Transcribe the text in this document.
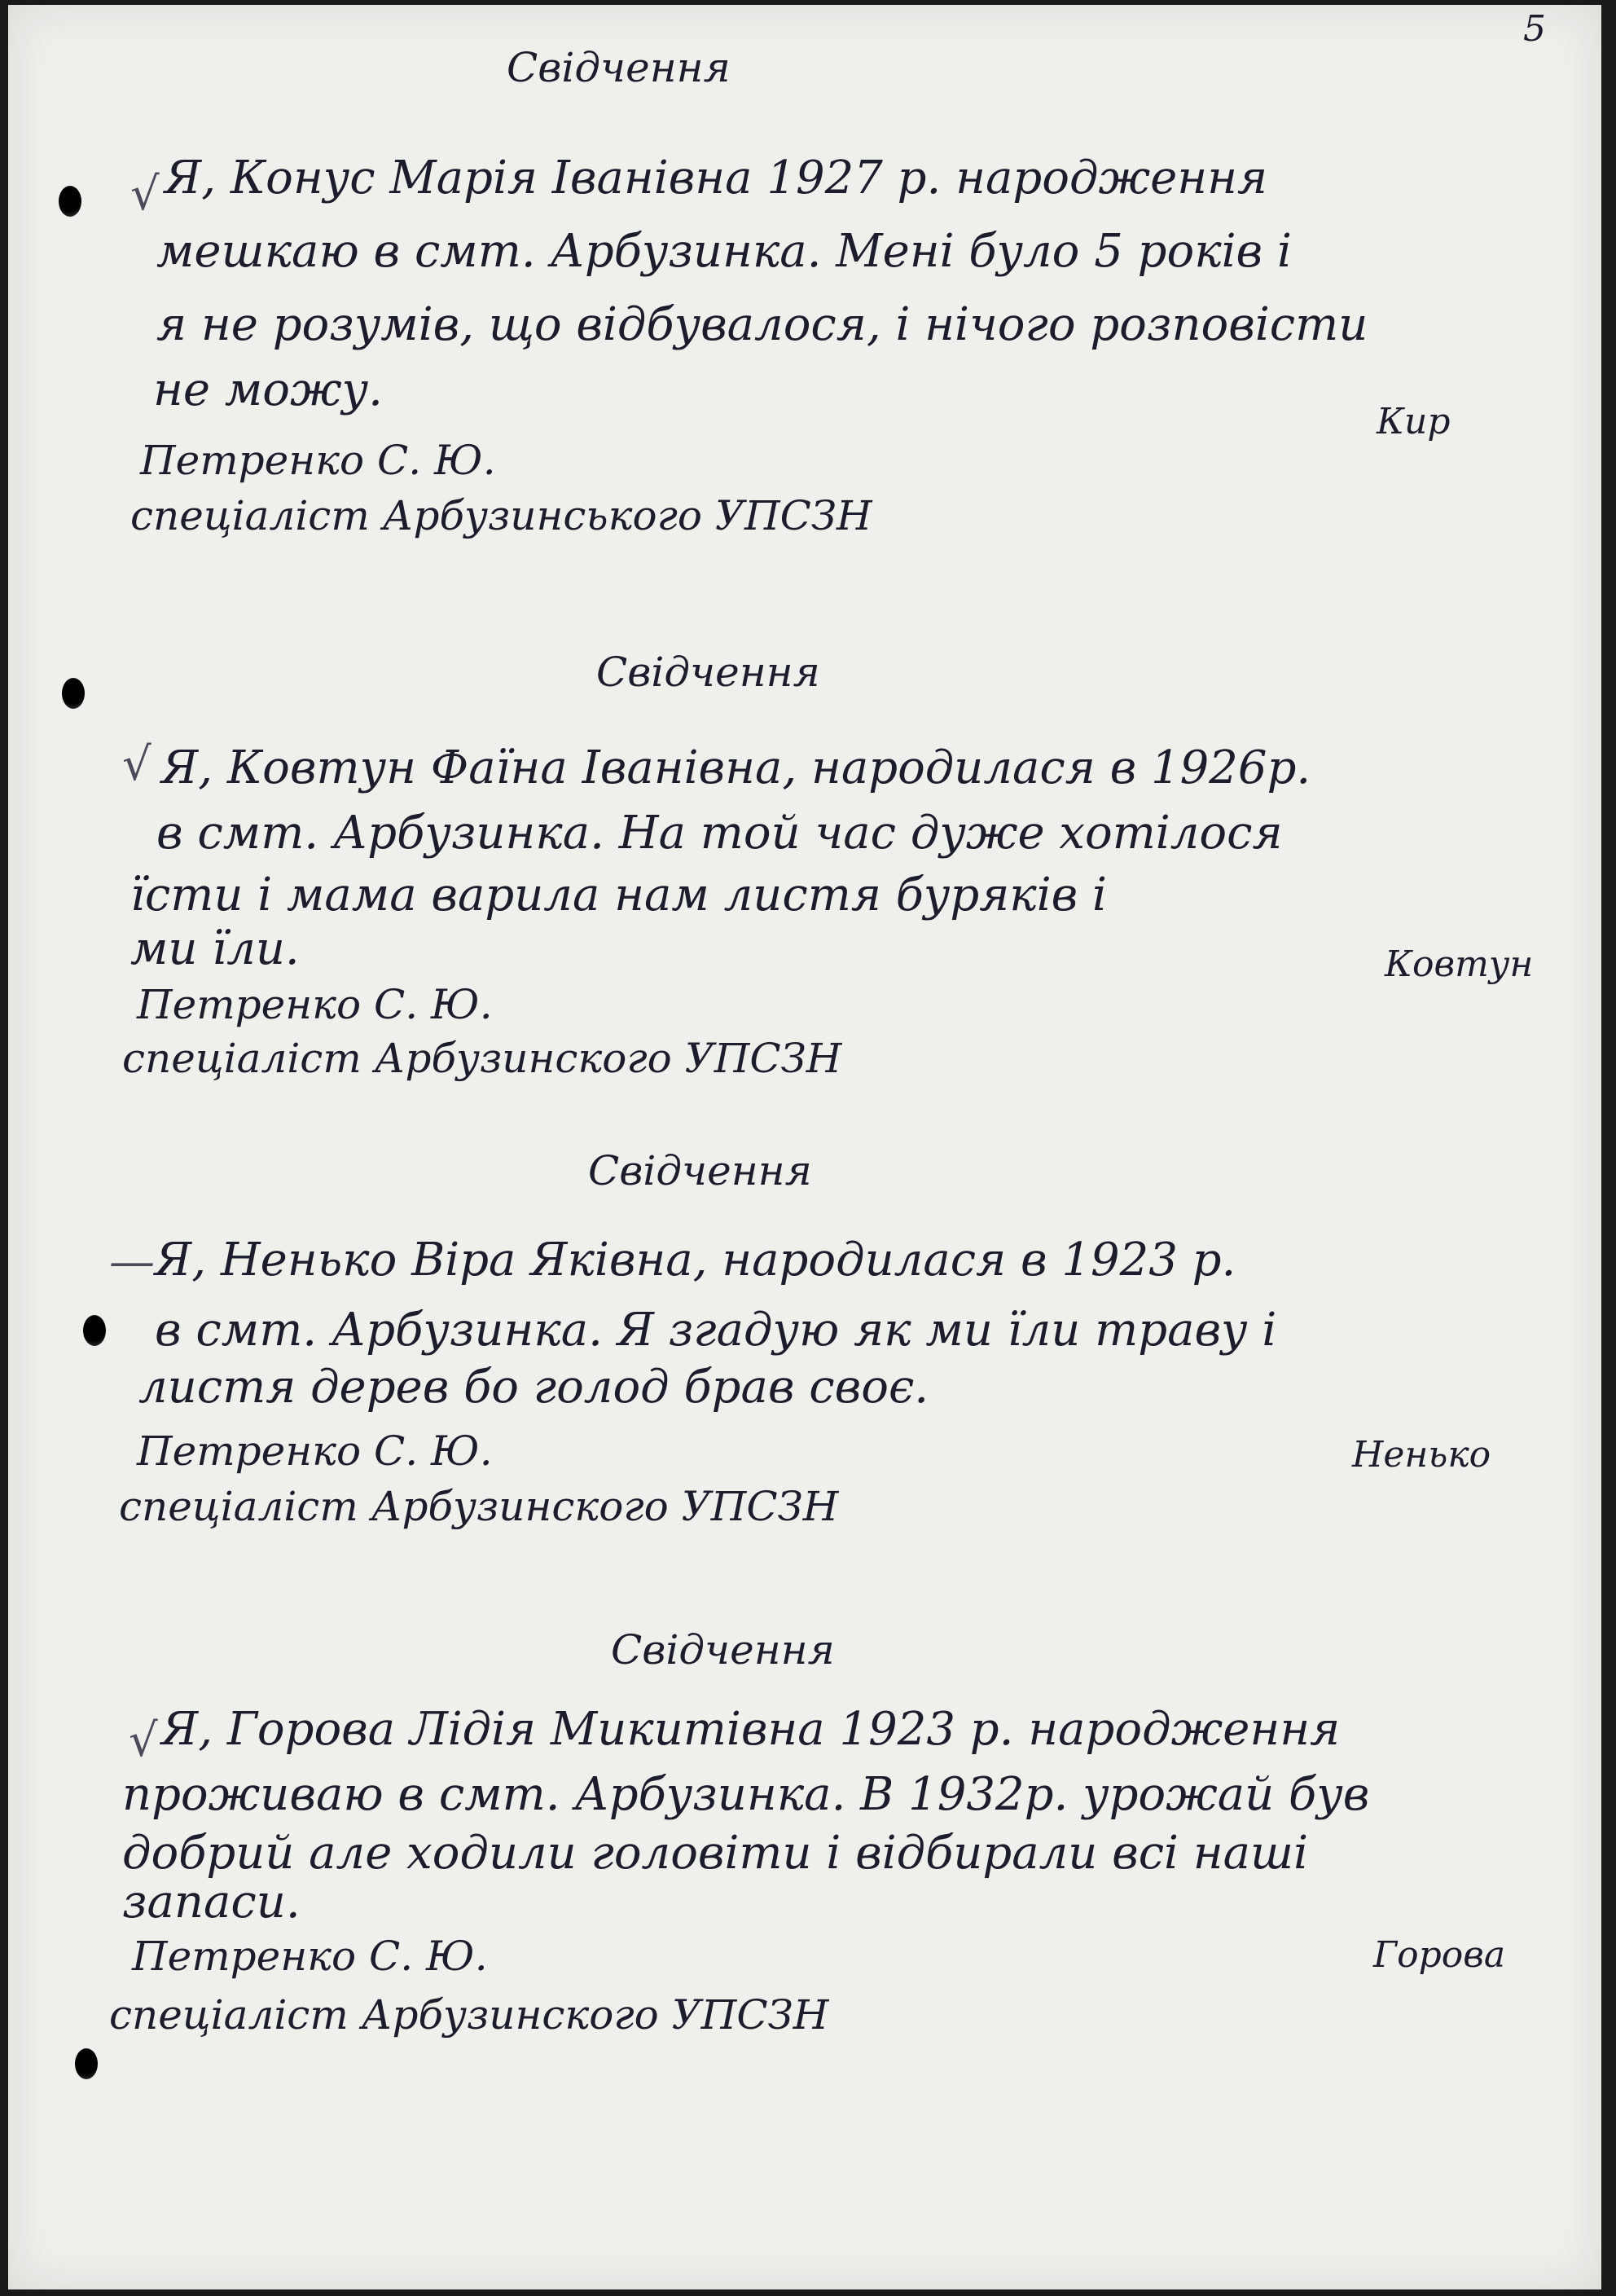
5

Свідчення

√ Я, Конус Марія Іванівна 1927 р. народження

мешкаю в смт. Арбузинка. Мені було 5 років і

я не розумів, що відбувалося, і нічого розповісти

не можу.

Кир

Петренко С. Ю.

спеціаліст Арбузинського УПСЗН

Свідчення

√ Я, Ковтун Фаїна Іванівна, народилася в 1926р.

в смт. Арбузинка. На той час дуже хотілося

їсти і мама варила нам листя буряків і

ми їли.	Ковтун

Петренко С. Ю.

спеціаліст Арбузинского УПСЗН

Свідчення

— Я, Ненько Віра Яківна, народилася в 1923 р.

в смт. Арбузинка. Я згадую як ми їли траву і

листя дерев бо голод брав своє.

Ненько

Петренко С. Ю.

спеціаліст Арбузинского УПСЗН

Свідчення

√ Я, Горова Лідія Микитівна 1923 р. народження

проживаю в смт. Арбузинка. В 1932р. урожай був

добрий але ходили головіти і відбирали всі наші

запаси.

Горова

Петренко С. Ю.

спеціаліст Арбузинского УПСЗН
